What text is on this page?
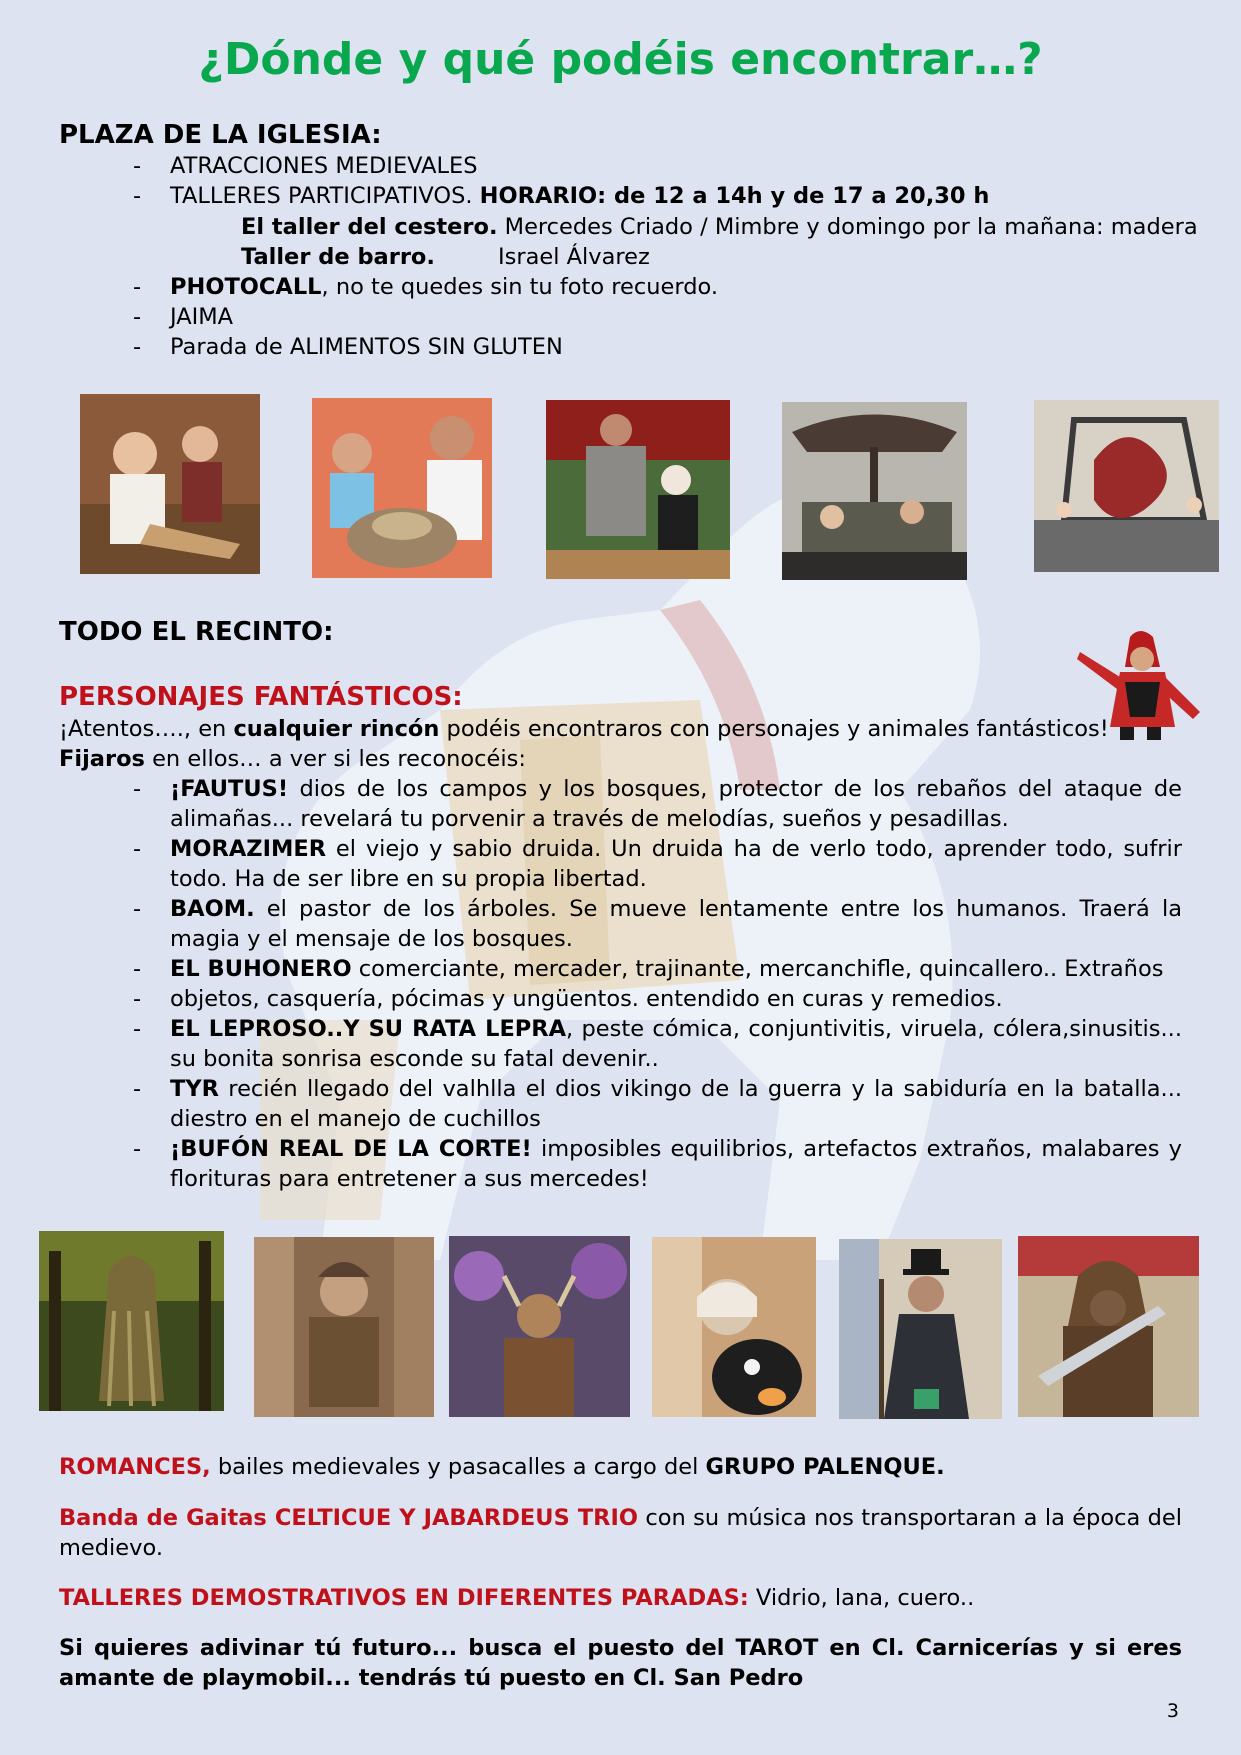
¿Dónde y qué podéis encontrar…?
PLAZA DE LA IGLESIA:
- ATRACCIONES MEDIEVALES
- TALLERES PARTICIPATIVOS. HORARIO: de 12 a 14h y de 17 a 20,30 h
El taller del cestero. Mercedes Criado / Mimbre y domingo por la mañana: madera
Taller de barro.	Israel Álvarez
- PHOTOCALL, no te quedes sin tu foto recuerdo.
- JAIMA
- Parada de ALIMENTOS SIN GLUTEN
TODO EL RECINTO:
PERSONAJES FANTÁSTICOS:
¡Atentos…., en cualquier rincón podéis encontraros con personajes y animales fantásticos!
Fijaros en ellos… a ver si les reconocéis:
- ¡FAUTUS! dios de los campos y los bosques, protector de los rebaños del ataque de alimañas... revelará tu porvenir a través de melodías, sueños y pesadillas.
- MORAZIMER el viejo y sabio druida. Un druida ha de verlo todo, aprender todo, sufrir todo. Ha de ser libre en su propia libertad.
- BAOM. el pastor de los árboles. Se mueve lentamente entre los humanos. Traerá la magia y el mensaje de los bosques.
- EL BUHONERO comerciante, mercader, trajinante, mercanchifle, quincallero.. Extraños
- objetos, casquería, pócimas y ungüentos. entendido en curas y remedios.
- EL LEPROSO..Y SU RATA LEPRA, peste cómica, conjuntivitis, viruela, cólera,sinusitis... su bonita sonrisa esconde su fatal devenir..
- TYR recién llegado del valhlla el dios vikingo de la guerra y la sabiduría en la batalla... diestro en el manejo de cuchillos
- ¡BUFÓN REAL DE LA CORTE! imposibles equilibrios, artefactos extraños, malabares y florituras para entretener a sus mercedes!
ROMANCES, bailes medievales y pasacalles a cargo del GRUPO PALENQUE.
Banda de Gaitas CELTICUE Y JABARDEUS TRIO con su música nos transportaran a la época del medievo.
TALLERES DEMOSTRATIVOS EN DIFERENTES PARADAS: Vidrio, lana, cuero..
Si quieres adivinar tú futuro... busca el puesto del TAROT en Cl. Carnicerías y si eres amante de playmobil... tendrás tú puesto en Cl. San Pedro
3
